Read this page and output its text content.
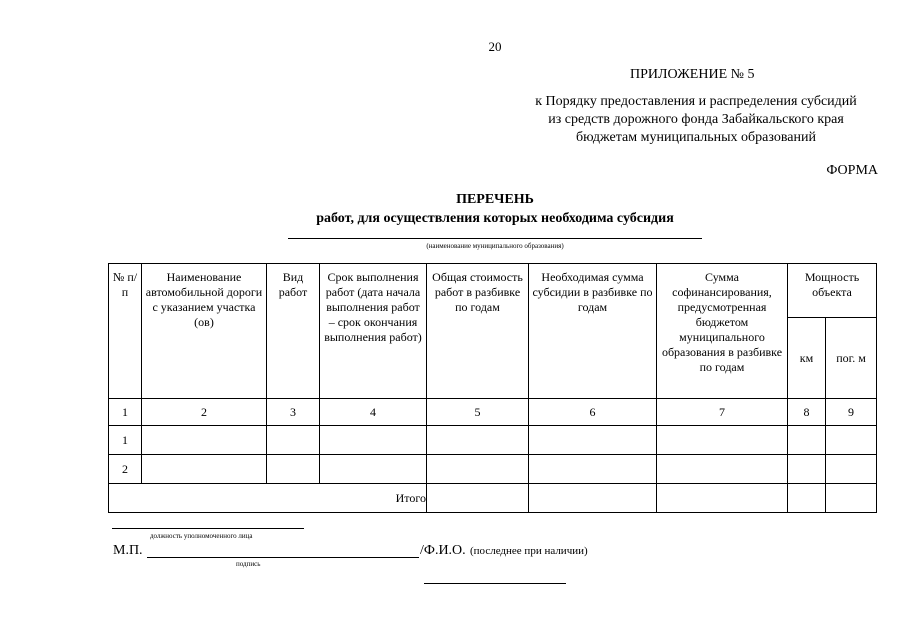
20
ПРИЛОЖЕНИЕ № 5
к Порядку предоставления и распределения субсидий
из средств дорожного фонда Забайкальского края
бюджетам муниципальных образований
ФОРМА
ПЕРЕЧЕНЬ
работ, для осуществления которых необходима субсидия
(наименование муниципального образования)
№ п/п	Наименование автомобильной дороги с указанием участка (ов)	Вид работ	Срок выполнения работ (дата начала выполнения работ – срок окончания выполнения работ)	Общая стоимость работ в разбивке по годам	Необходимая сумма субсидии в разбивке по годам	Сумма софинансирования, предусмотренная бюджетом муниципального образования в разбивке по годам	Мощность объекта	
							км	пог. м
1	2	3	4	5	6	7	8	9
1								
2								
Итого								
должность уполномоченного лица
М.П.	/Ф.И.О. (последнее при наличии)
подпись
